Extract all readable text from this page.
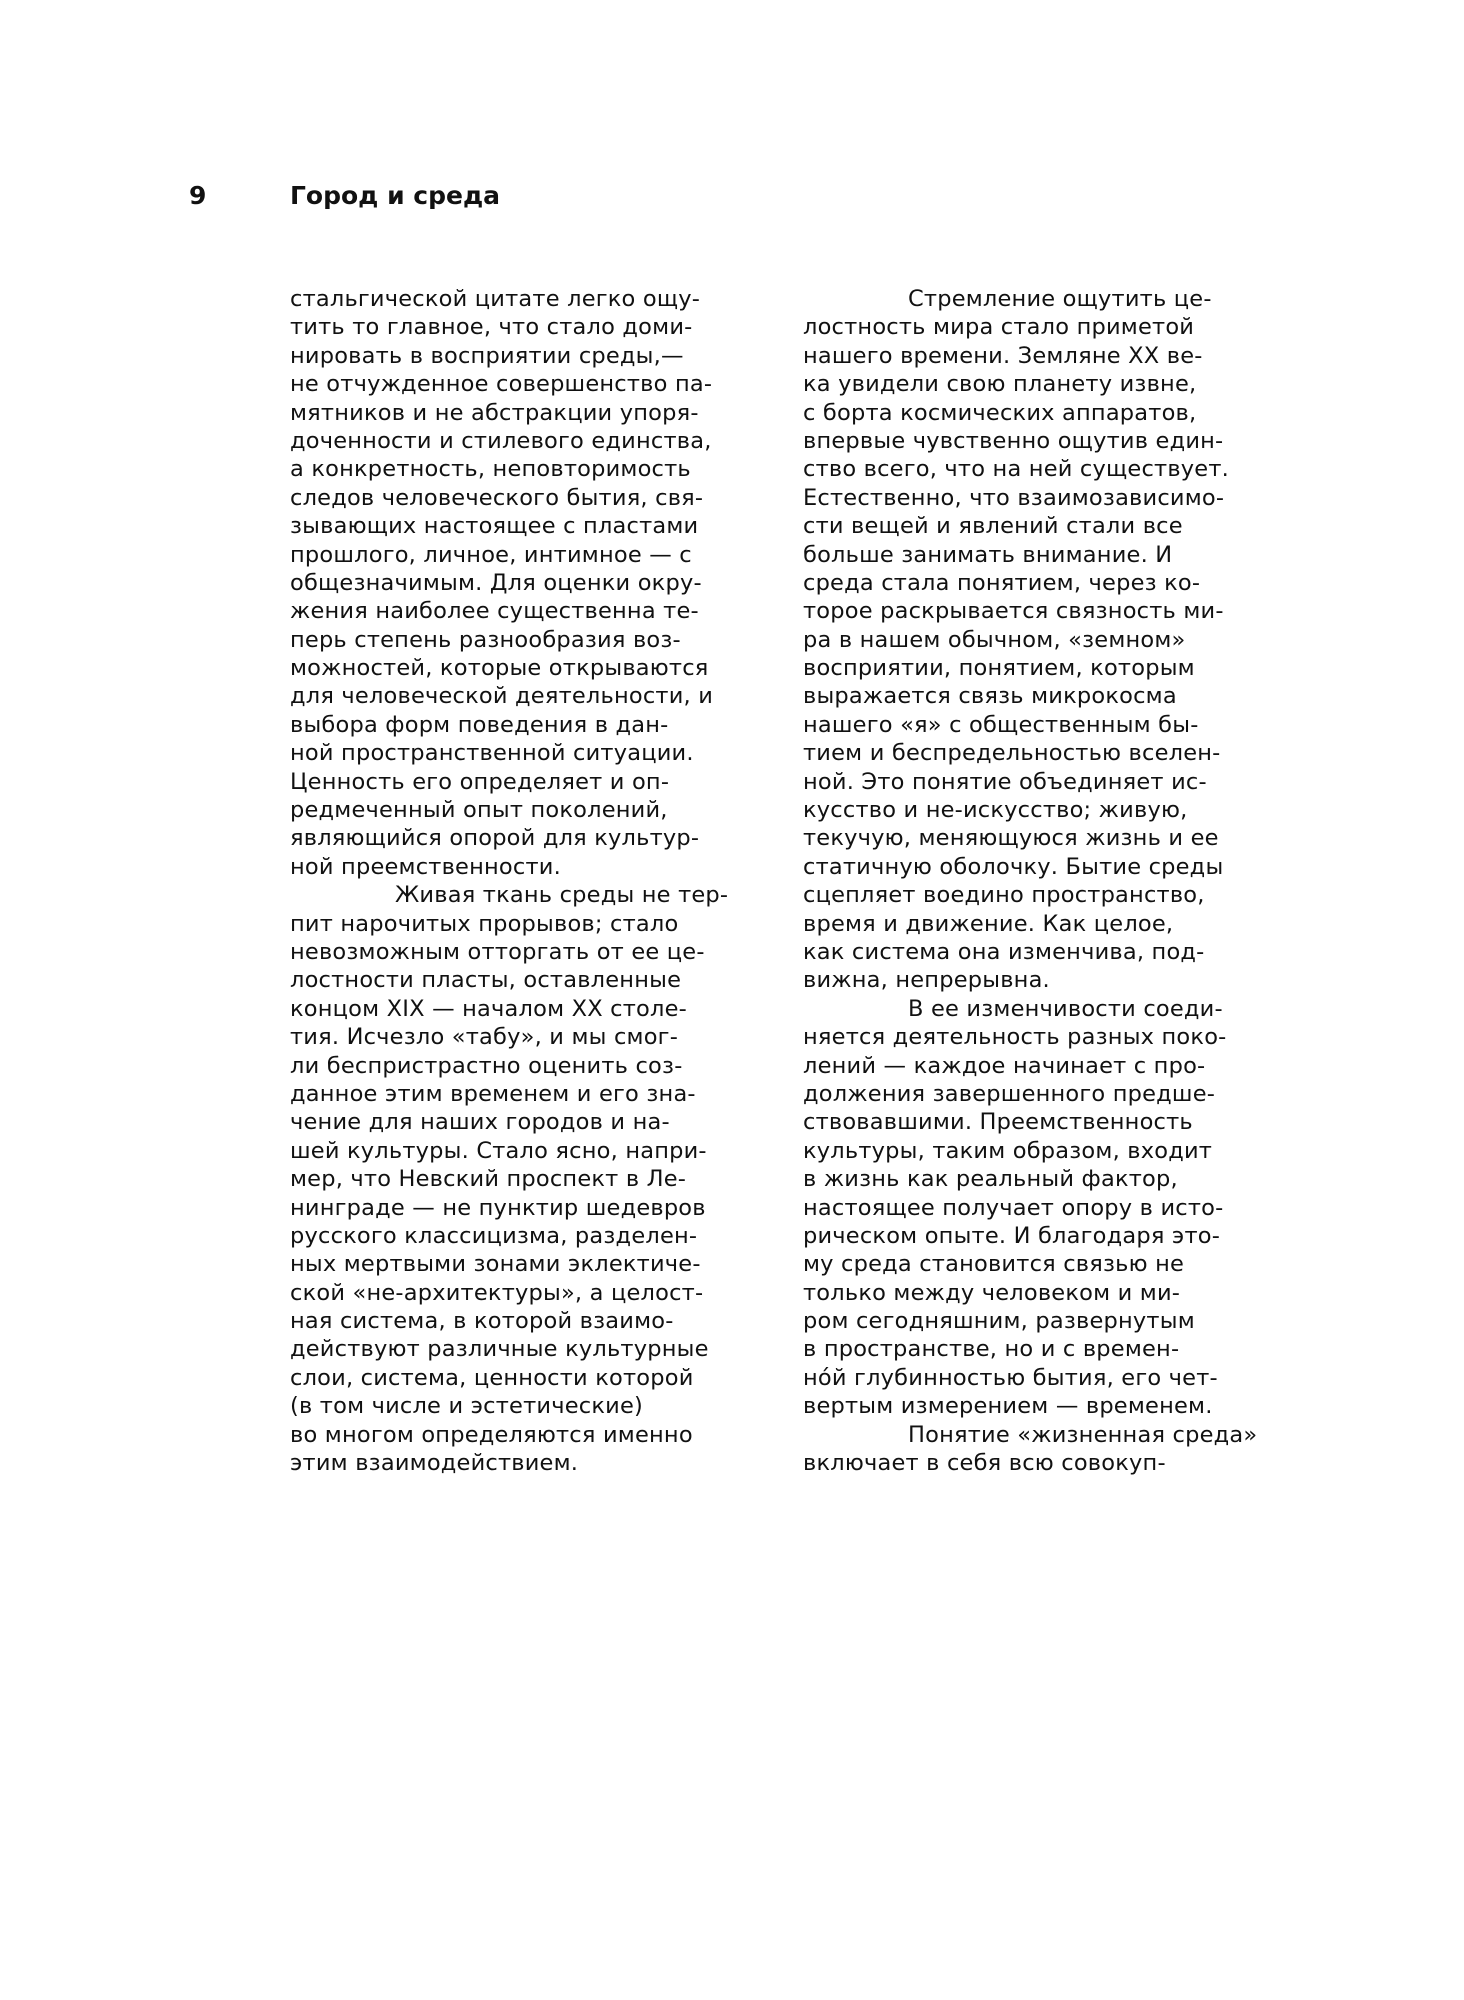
9	Город и среда
стальгической цитате легко ощу-
тить то главное, что стало доми-
нировать в восприятии среды,—
не отчужденное совершенство па-
мятников и не абстракции упоря-
доченности и стилевого единства,
а конкретность, неповторимость
следов человеческого бытия, свя-
зывающих настоящее с пластами
прошлого, личное, интимное — с
общезначимым. Для оценки окру-
жения наиболее существенна те-
перь степень разнообразия воз-
можностей, которые открываются
для человеческой деятельности, и
выбора форм поведения в дан-
ной пространственной ситуации.
Ценность его определяет и оп-
редмеченный опыт поколений,
являющийся опорой для культур-
ной преемственности.
Живая ткань среды не тер-
пит нарочитых прорывов; стало
невозможным отторгать от ее це-
лостности пласты, оставленные
концом XIX — началом XX столе-
тия. Исчезло «табу», и мы смог-
ли беспристрастно оценить соз-
данное этим временем и его зна-
чение для наших городов и на-
шей культуры. Стало ясно, напри-
мер, что Невский проспект в Ле-
нинграде — не пунктир шедевров
русского классицизма, разделен-
ных мертвыми зонами эклектиче-
ской «не-архитектуры», а целост-
ная система, в которой взаимо-
действуют различные культурные
слои, система, ценности которой
(в том числе и эстетические)
во многом определяются именно
этим взаимодействием.
Стремление ощутить це-
лостность мира стало приметой
нашего времени. Земляне XX ве-
ка увидели свою планету извне,
с борта космических аппаратов,
впервые чувственно ощутив един-
ство всего, что на ней существует.
Естественно, что взаимозависимо-
сти вещей и явлений стали все
больше занимать внимание. И
среда стала понятием, через ко-
торое раскрывается связность ми-
ра в нашем обычном, «земном»
восприятии, понятием, которым
выражается связь микрокосма
нашего «я» с общественным бы-
тием и беспредельностью вселен-
ной. Это понятие объединяет ис-
кусство и не-искусство; живую,
текучую, меняющуюся жизнь и ее
статичную оболочку. Бытие среды
сцепляет воедино пространство,
время и движение. Как целое,
как система она изменчива, под-
вижна, непрерывна.
В ее изменчивости соеди-
няется деятельность разных поко-
лений — каждое начинает с про-
должения завершенного предше-
ствовавшими. Преемственность
культуры, таким образом, входит
в жизнь как реальный фактор,
настоящее получает опору в исто-
рическом опыте. И благодаря это-
му среда становится связью не
только между человеком и ми-
ром сегодняшним, развернутым
в пространстве, но и с времен-
нóй глубинностью бытия, его чет-
вертым измерением — временем.
Понятие «жизненная среда»
включает в себя всю совокуп-
